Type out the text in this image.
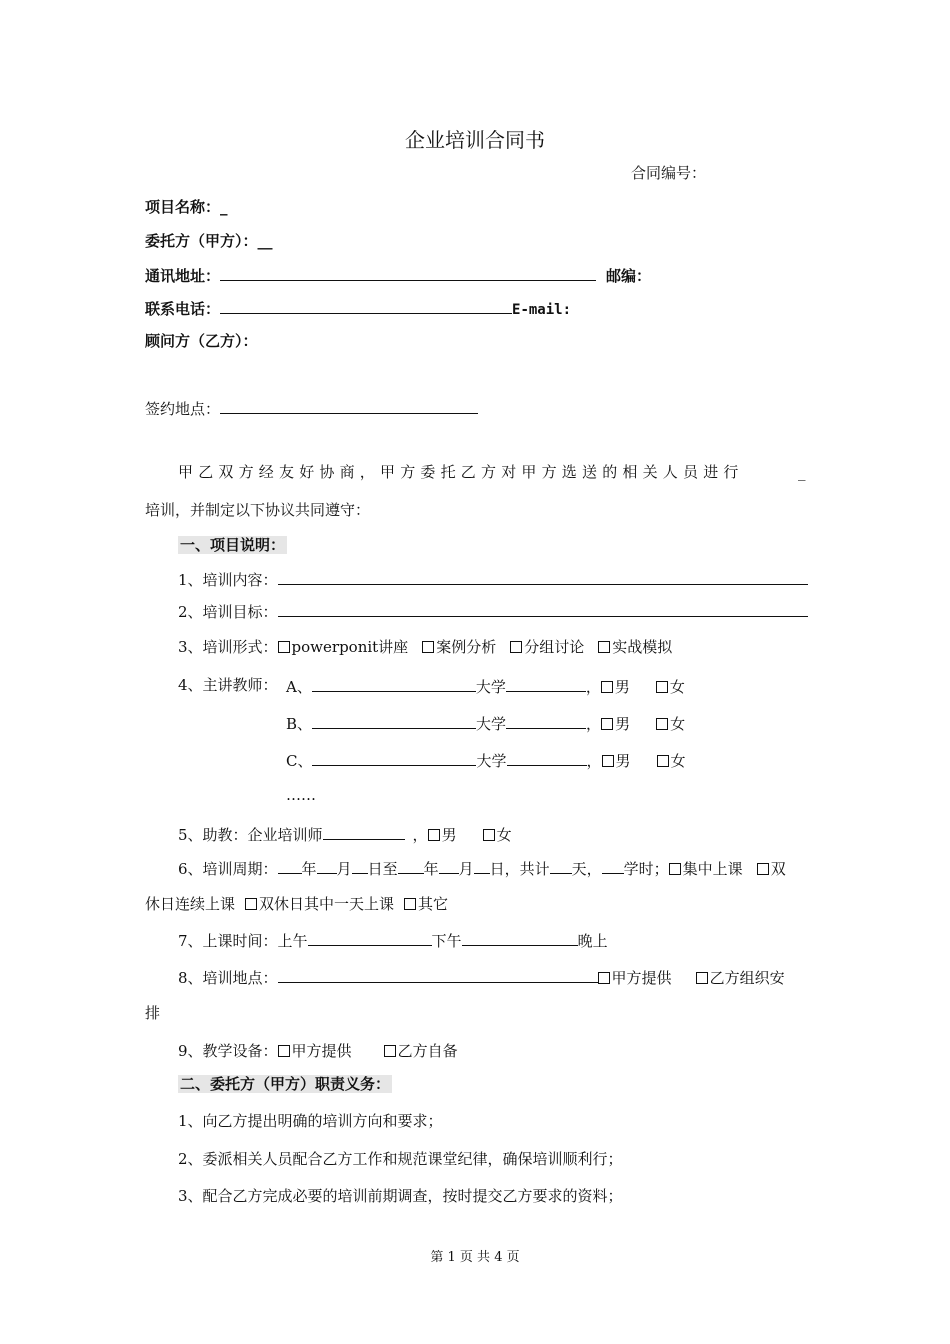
企业培训合同书
合同编号：
项目名称：_
委托方（甲方）：__
通讯地址：	邮编：
联系电话：	E-mail:
顾问方（乙方）：
签约地点：
甲乙双方经友好协商，甲方委托乙方对甲方选送的相关人员进行	_
培训，并制定以下协议共同遵守：
一、项目说明：
1、培训内容：
2、培训目标：
3、培训形式： powerponit讲座 案例分析 分组讨论 实战模拟
4、主讲教师： A、	大学	， 男	女
B、	大学	， 男	女
C、	大学	， 男	女
……
5、助教：企业培训师	， 男	女
6、培训周期： 年 月 日至 年 月 日，共计 天， 学时； 集中上课 双
休日连续上课 双休日其中一天上课 其它
7、上课时间：上午	下午	晚上
8、培训地点：	甲方提供	乙方组织安
排
9、教学设备： 甲方提供	乙方自备
二、委托方（甲方）职责义务：
1、向乙方提出明确的培训方向和要求；
2、委派相关人员配合乙方工作和规范课堂纪律，确保培训顺利行；
3、配合乙方完成必要的培训前期调查，按时提交乙方要求的资料；
第 1 页 共 4 页
